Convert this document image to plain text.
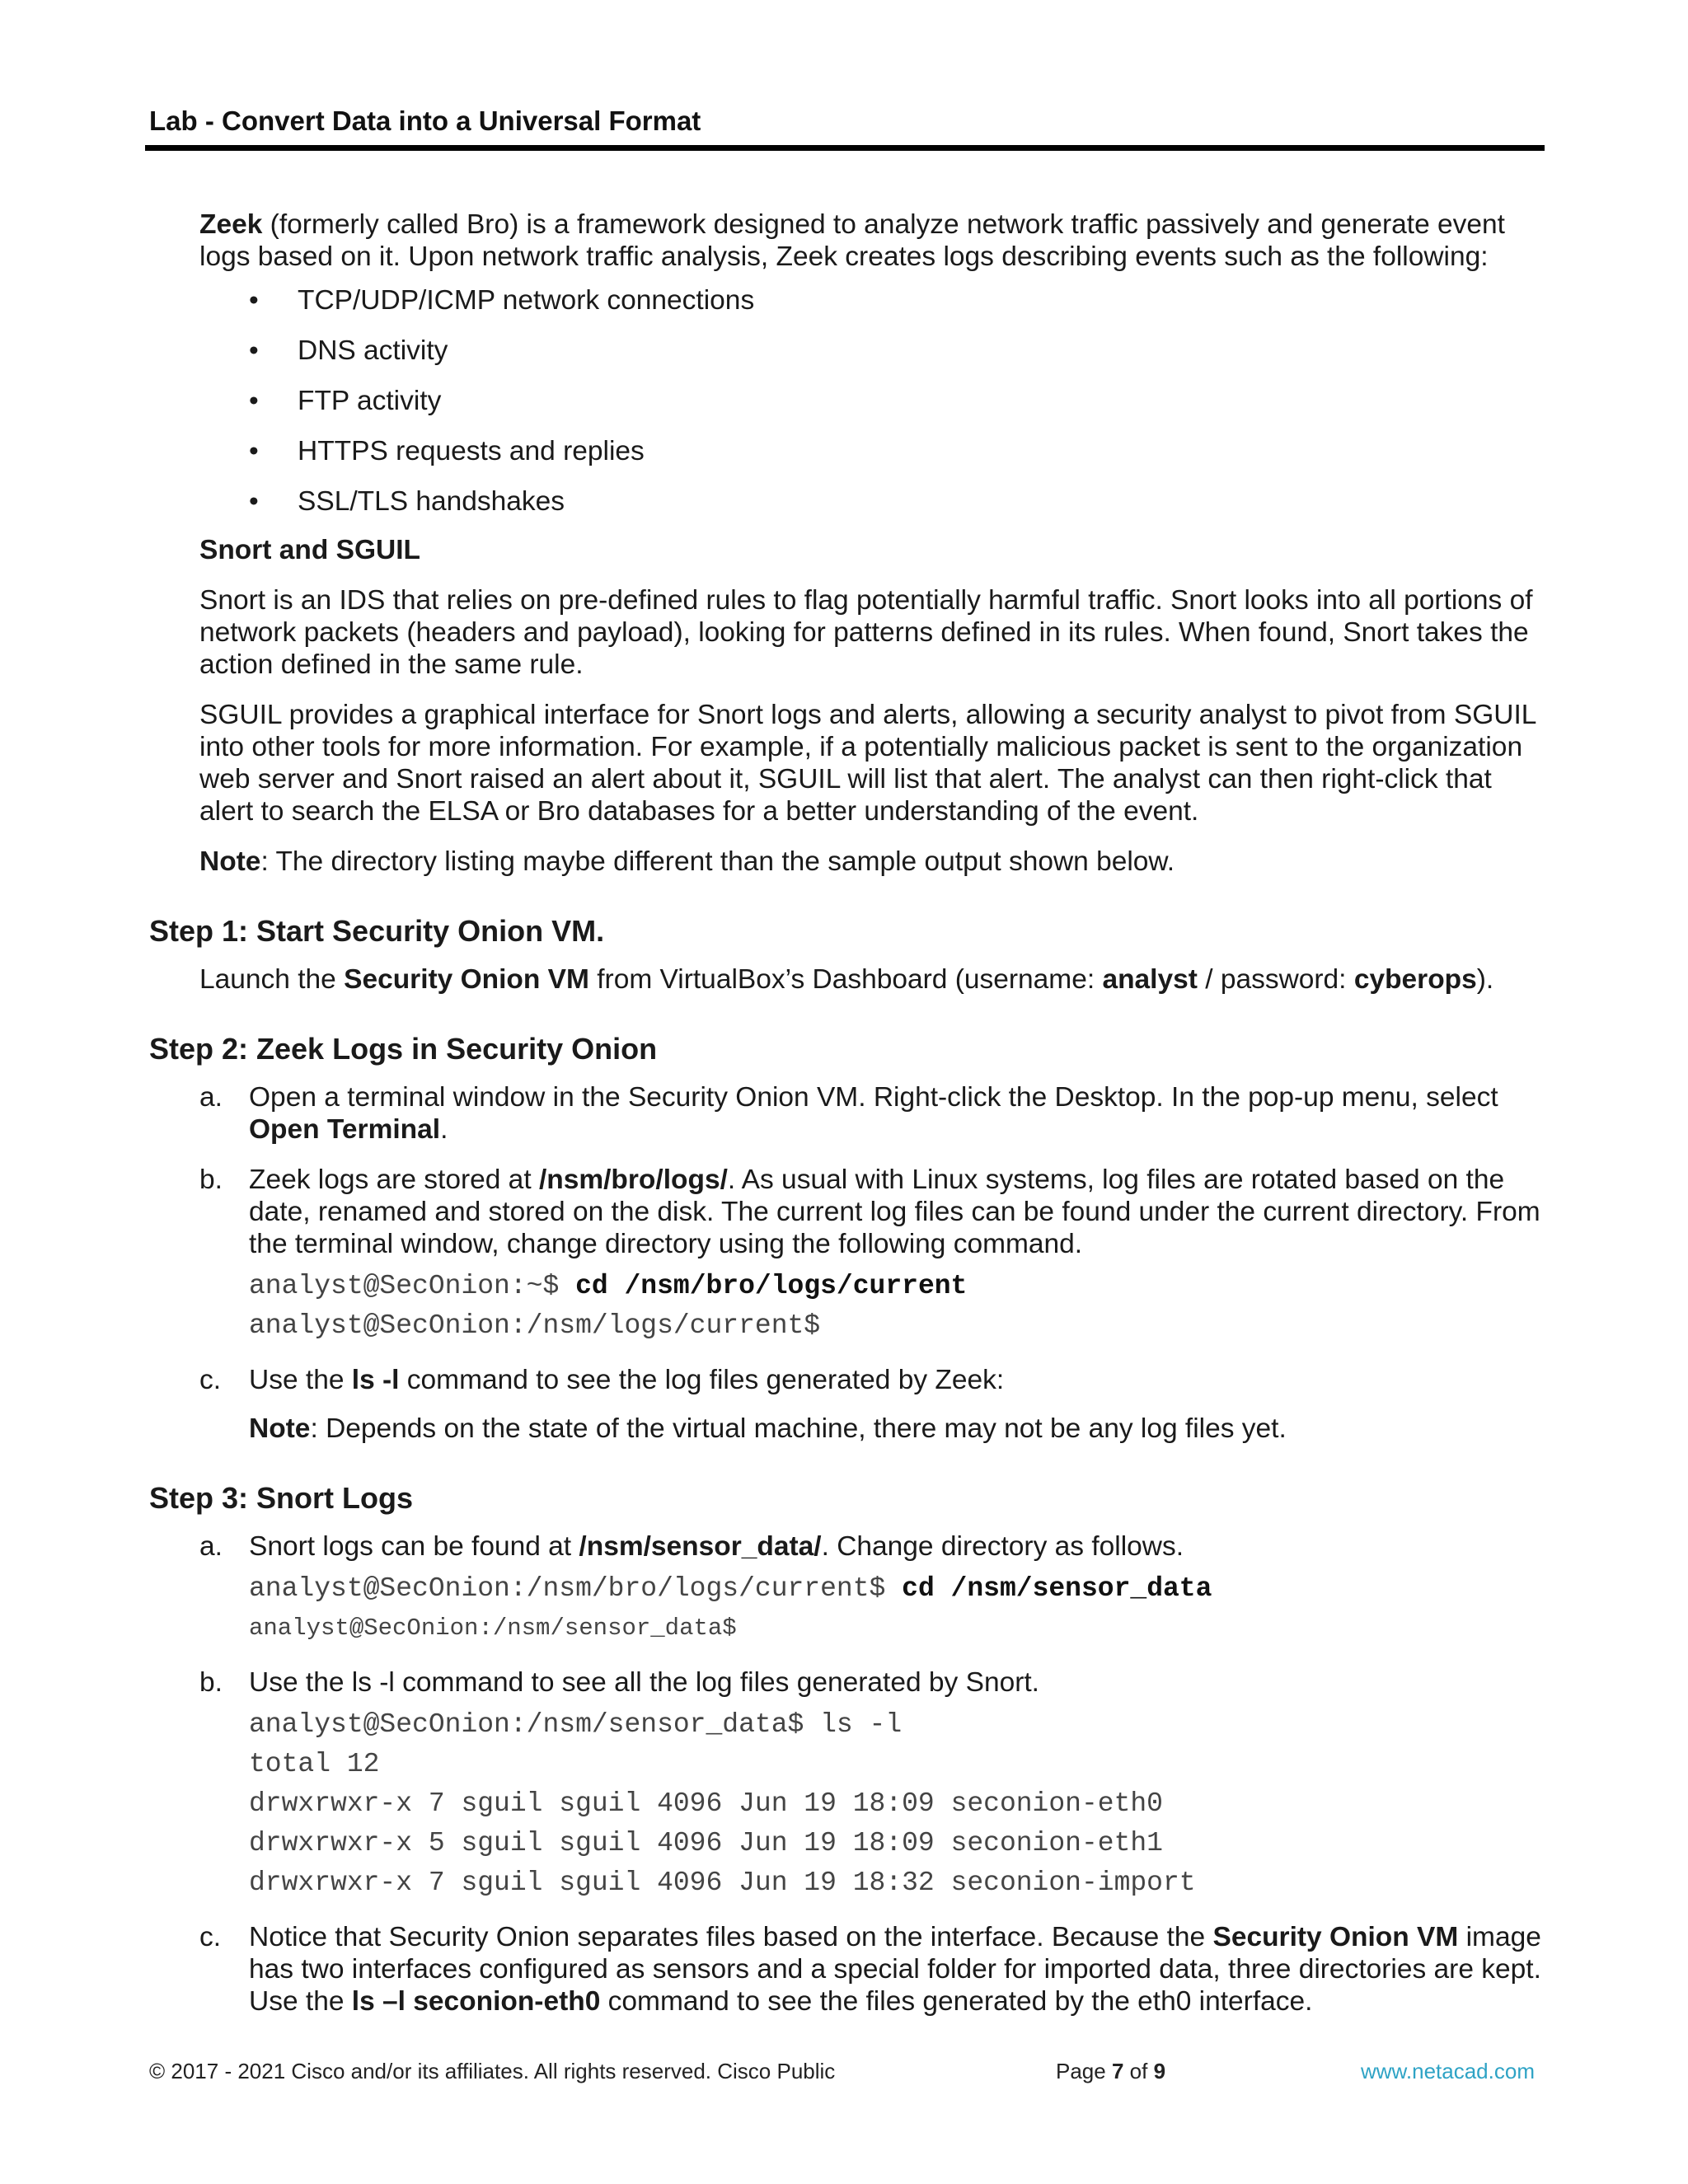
Lab - Convert Data into a Universal Format

Zeek (formerly called Bro) is a framework designed to analyze network traffic passively and generate event logs based on it. Upon network traffic analysis, Zeek creates logs describing events such as the following:

• TCP/UDP/ICMP network connections
• DNS activity
• FTP activity
• HTTPS requests and replies
• SSL/TLS handshakes

Snort and SGUIL

Snort is an IDS that relies on pre-defined rules to flag potentially harmful traffic. Snort looks into all portions of network packets (headers and payload), looking for patterns defined in its rules. When found, Snort takes the action defined in the same rule.

SGUIL provides a graphical interface for Snort logs and alerts, allowing a security analyst to pivot from SGUIL into other tools for more information. For example, if a potentially malicious packet is sent to the organization web server and Snort raised an alert about it, SGUIL will list that alert. The analyst can then right-click that alert to search the ELSA or Bro databases for a better understanding of the event.

Note: The directory listing maybe different than the sample output shown below.

Step 1: Start Security Onion VM.

Launch the Security Onion VM from VirtualBox’s Dashboard (username: analyst / password: cyberops).

Step 2: Zeek Logs in Security Onion
a. Open a terminal window in the Security Onion VM. Right-click the Desktop. In the pop-up menu, select Open Terminal.
b. Zeek logs are stored at /nsm/bro/logs/. As usual with Linux systems, log files are rotated based on the date, renamed and stored on the disk. The current log files can be found under the current directory. From the terminal window, change directory using the following command.
analyst@SecOnion:~$ cd /nsm/bro/logs/current
analyst@SecOnion:/nsm/logs/current$
c. Use the ls -l command to see the log files generated by Zeek:

Note: Depends on the state of the virtual machine, there may not be any log files yet.

Step 3: Snort Logs
a. Snort logs can be found at /nsm/sensor_data/. Change directory as follows.
analyst@SecOnion:/nsm/bro/logs/current$ cd /nsm/sensor_data
analyst@SecOnion:/nsm/sensor_data$
b. Use the ls -l command to see all the log files generated by Snort.
analyst@SecOnion:/nsm/sensor_data$ ls -l
total 12
drwxrwxr-x 7 sguil sguil 4096 Jun 19 18:09 seconion-eth0
drwxrwxr-x 5 sguil sguil 4096 Jun 19 18:09 seconion-eth1
drwxrwxr-x 7 sguil sguil 4096 Jun 19 18:32 seconion-import
c. Notice that Security Onion separates files based on the interface. Because the Security Onion VM image has two interfaces configured as sensors and a special folder for imported data, three directories are kept. Use the ls –l seconion-eth0 command to see the files generated by the eth0 interface.
© 2017 - 2021 Cisco and/or its affiliates. All rights reserved. Cisco Public	Page 7 of 9	www.netacad.com
